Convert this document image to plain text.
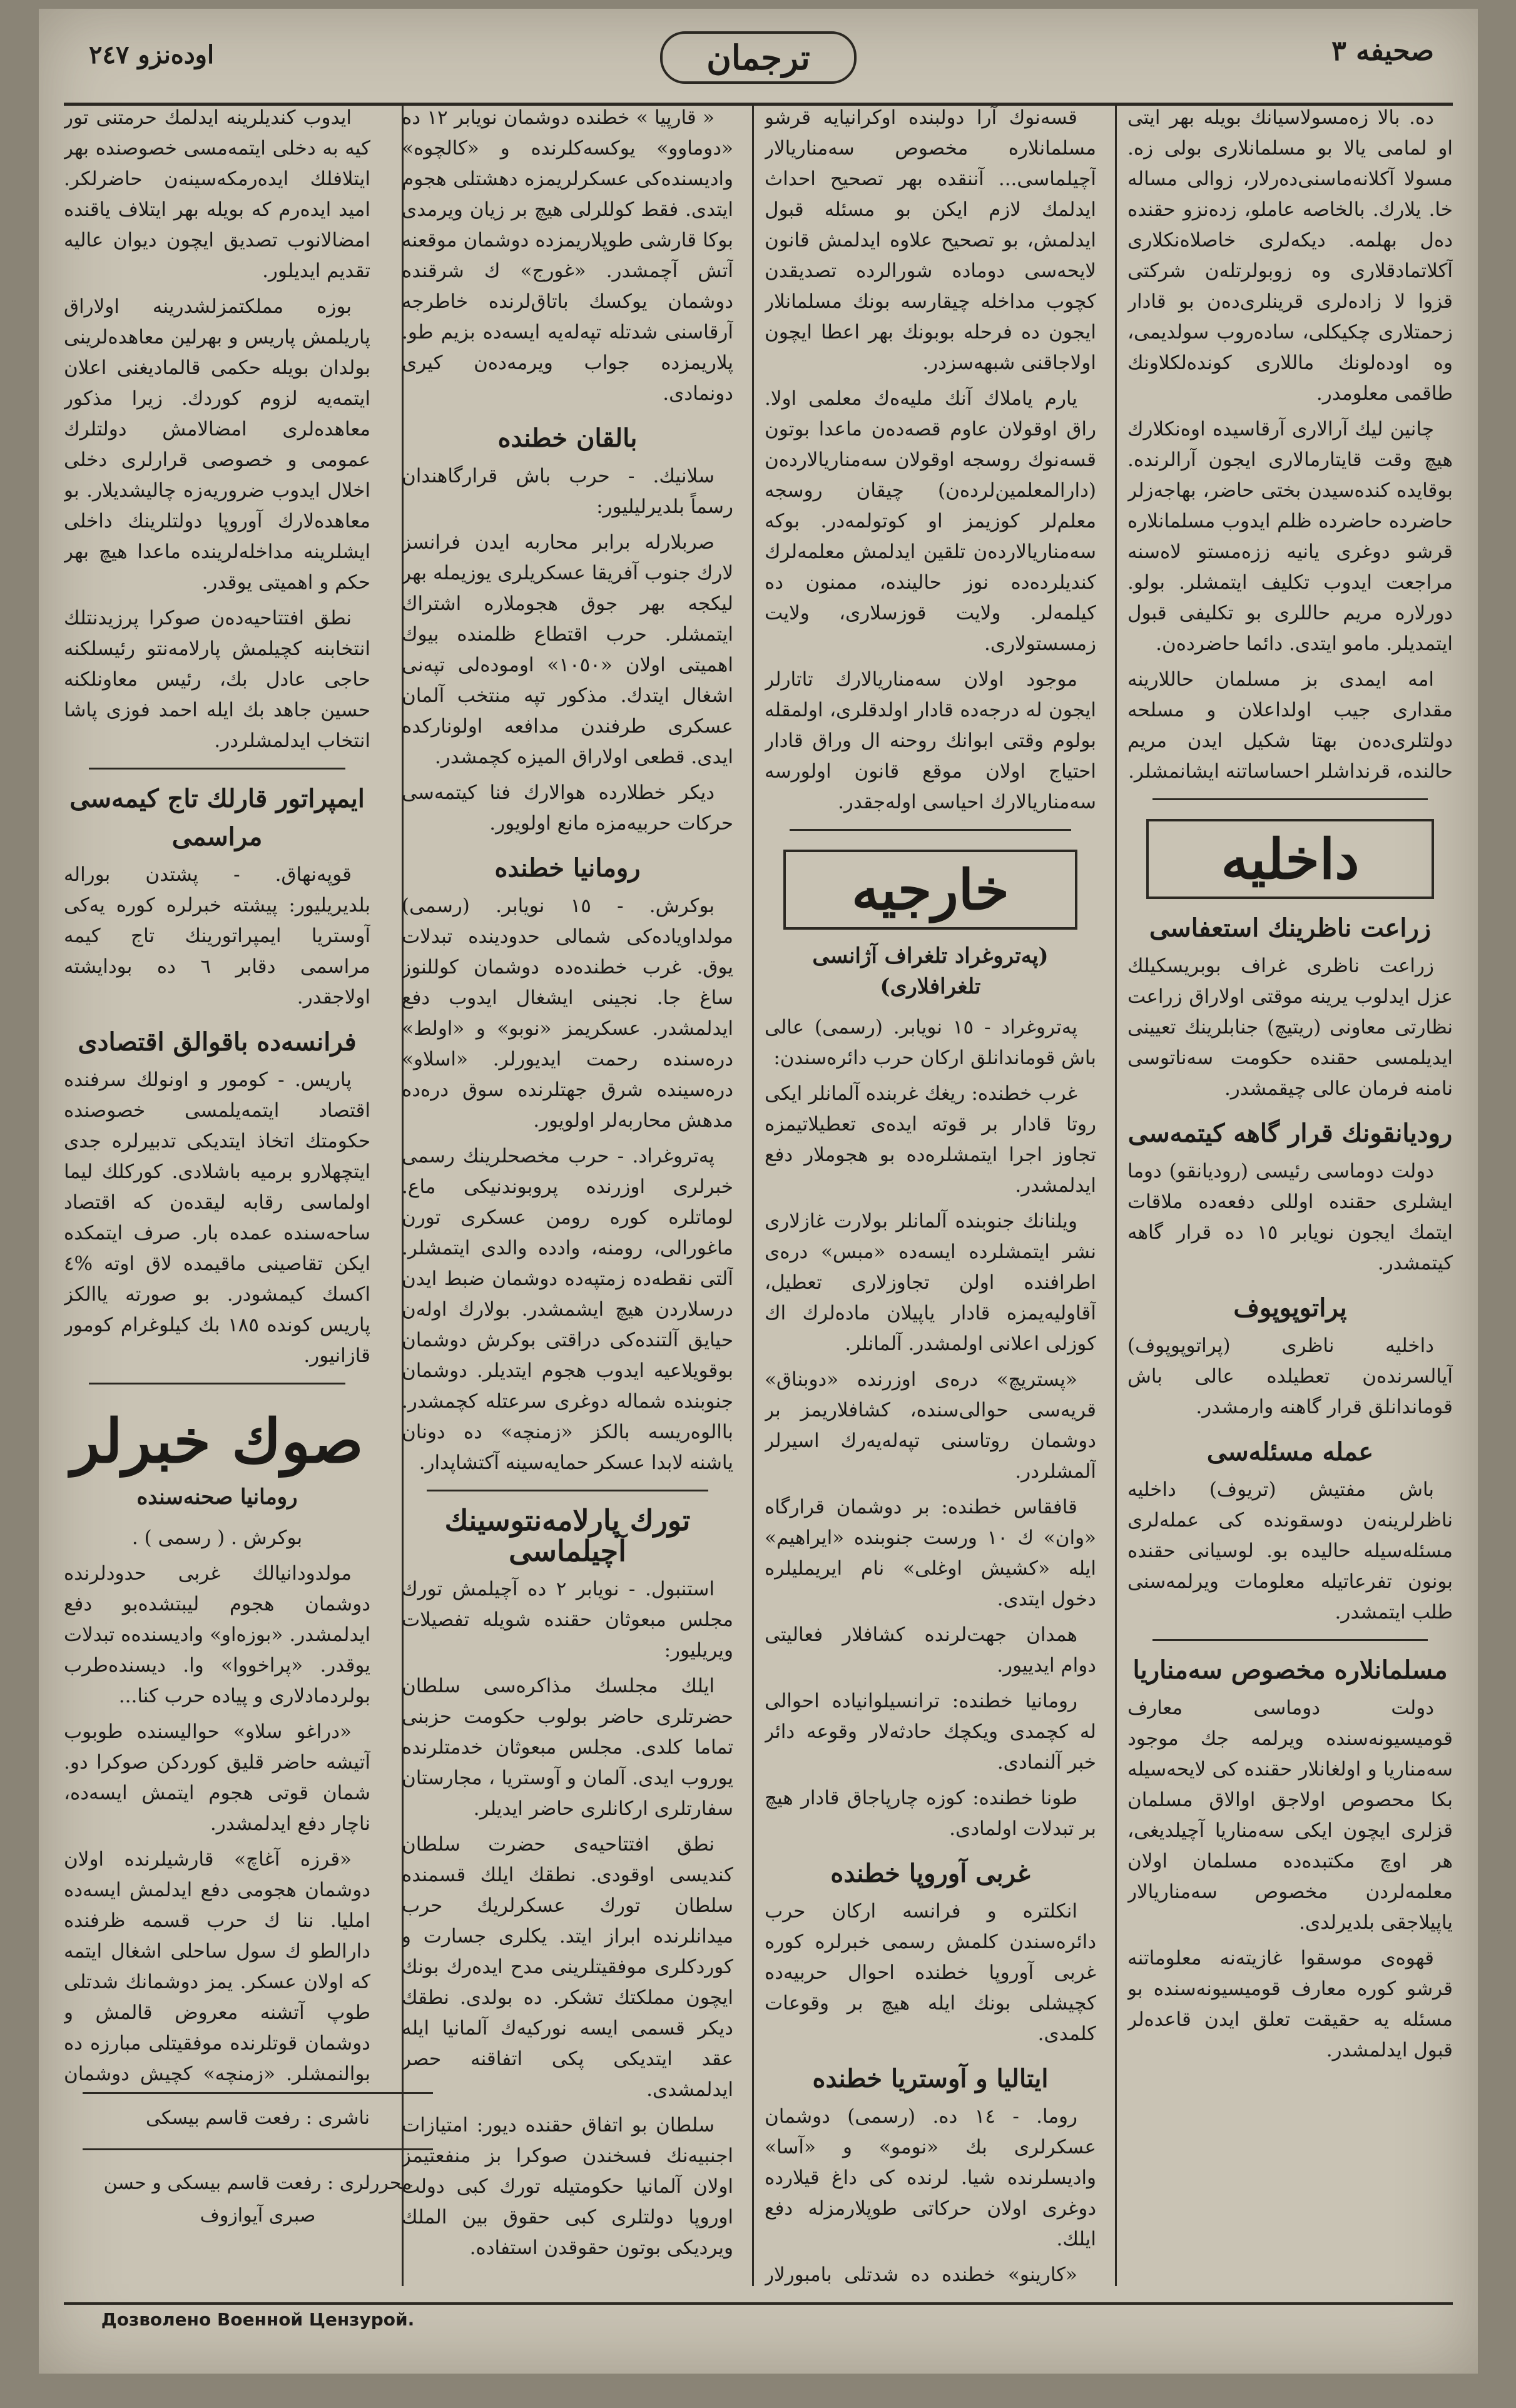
صحيفه ٣
ترجمان
اوده‌نزو ٢٤٧

ده. بالا زه‌مسولاسيانك بويله بهر ايتى او لمامى يالا بو مسلمانلارى بولى زه. مسولا آكلانه‌ماسنى‌ده‌رلار، زوالى مساله خا. يلارك. بالخاصه عاملو، زده‌نزو حقنده ده‌ل بهلمه. ديكه‌لرى خاصلاه‌نكلارى آكلاتمادقلارى وه زوبولرتله‌ن شركتى قزوا لا زاده‌لرى قرينلرى‌ده‌ن بو قادار زحمتلارى چكيكلى، ساده‌روب سولديمى، وه اوده‌لونك ماللارى كونده‌لكلاونك طاقمى معلومدر.

چانين ليك آرالارى آرقاسيده اوه‌نكلارك هيچ وقت قايتارمالارى ايجون آرالرنده. بوقايده كنده‌سيدن بختى حاضر، بهاجه‌زلر حاضرده حاضرده ظلم ايدوب مسلمانلاره قرشو دوغرى يانيه ززه‌مستو لاه‌سنه مراجعت ايدوب تكليف ايتمشلر. بولو. دورلاره مريم حاللرى بو تكليفى قبول ايتمديلر. مامو ايتدى. دائما حاضرده‌ن.

امه ايمدى بز مسلمان حاللارينه مقدارى جيب اولداعلان و مسلحه دولتلرى‌ده‌ن بهتا شكيل ايدن مريم حالنده، قرنداشلر احساساتنه ايشانمشلر.

داخليه
زراعت ناظرينك استعفاسى

زراعت ناظرى غراف بوبريسكيلك عزل ايدلوب يرينه موقتى اولاراق زراعت نظارتى معاونى (ريتيچ) جنابلرينك تعيينى ايديلمسى حقنده حكومت سه‌ناتوسى نامنه فرمان عالى چيقمشدر.

روديانقونك قرار گاهه كيتمه‌سى

دولت دوماسى رئيسى (روديانقو) دوما ايشلرى حقنده اوللى دفعه‌ده ملاقات ايتمك ايجون نويابر ١٥ ده قرار گاهه كيتمشدر.

پراتوپوپوف

داخليه ناظرى (پراتوپوپوف) آيالسرنده‌ن تعطيلده عالى باش قوماندانلق قرار گاهنه وارمشدر.

عمله مسئله‌سى

باش مفتيش (تريوف) داخليه ناظرلرينه‌ن دوسقونده كى عمله‌لرى مسئله‌سيله حاليده بو. لوسيانى حقنده بونون تفرعاتيله معلومات ويرلمه‌سنى طلب ايتمشدر.

مسلمانلاره مخصوص سه‌مناريا

دولت دوماسى معارف قوميسيونه‌سنده ويرلمه جك موجود سه‌مناريا و اولغانلار حقنده كى لايحه‌سيله بكا محصوص اولاجق اوالاق مسلمان قزلرى ايچون ايكى سه‌مناريا آچيلديغى، هر اوچ مكتبده‌ده مسلمان اولان معلمه‌لردن مخصوص سه‌مناريالار ياپيلاجقى بلديرلدى.

قهوه‌ى موسقوا غازيته‌نه معلوماتنه قرشو كوره معارف قوميسيونه‌سنده بو مسئله يه حقيقت تعلق ايدن قاعده‌لر قبول ايدلمشدر.

قسه‌نوك آرا دولبنده اوكرانيايه قرشو مسلمانلاره مخصوص سه‌مناريالار آچيلماسى... آننقده بهر تصحيح احداث ايدلمك لازم ايكن بو مسئله قبول ايدلمش، بو تصحيح علاوه ايدلمش قانون لايحه‌سى دوماده شورالرده تصديقدن كچوب مداخله چيقارسه بونك مسلمانلار ايجون ده فرحله بوبونك بهر اعطا ايچون اولاجاقنى شبهه‌سزدر.

يارم ياملاك آنك مليه‌ه‌ك معلمى اولا. راق اوقولان عاوم قصه‌ده‌ن ماعدا بوتون قسه‌نوك روسجه اوقولان سه‌مناريالارده‌ن (دارالمعلمين‌لرده‌ن) چيقان روسجه معلم‌لر كوزيمز او كوتولمه‌در. بوكه سه‌مناريالارده‌ن تلقين ايدلمش معلمه‌لرك كنديلرده‌ده نوز حالينده، ممنون ده كيلمه‌لر. ولايت قوزسلارى، ولايت زمسستولارى.

موجود اولان سه‌مناريالارك تاتارلر ايجون له درجه‌ده قادار اولدقلرى، اولمقله بولوم وقتى ابوانك روحنه ال وراق قادار احتياج اولان موقع قانون اولورسه سه‌مناريالارك احياسى اوله‌جقدر.

خارجيه
(په‌تروغراد تلغراف آژانسى تلغرافلارى)

په‌تروغراد - ١٥ نويابر. (رسمى) عالى باش قوماندانلق اركان حرب دائره‌سندن:

غرب خطنده: ريغك غربنده آلمانلر ايكى روتا قادار بر قوته ايده‌ى تعطيلاتيمزه تجاوز اجرا ايتمشلره‌ده بو هجوملار دفع ايدلمشدر.

ويلنانك جنوبنده آلمانلر بولارت غازلارى نشر ايتمشلرده ايسه‌ده «مبس» دره‌ى اطرافنده اولن تجاوزلارى تعطيل، آقاوليه‌يمزه قادار ياپيلان ماده‌لرك اك كوزلى اعلانى اولمشدر. آلمانلر.

«پستريچ» دره‌ى اوزرنده «دوبناق» قريه‌سى حوالى‌سنده، كشافلاريمز بر دوشمان روتاسنى تپه‌له‌يه‌رك اسيرلر آلمشلردر.

قافقاس خطنده: بر دوشمان قرارگاه «وان» ك ١٠ ورست جنوبنده «ايراهيم» ايله «كشيش اوغلى» نام ايريمليلره دخول ايتدى.

همدان جهت‌لرنده كشافلار فعاليتى دوام ايدييور.

رومانيا خطنده: ترانسيلوانياده احوالى له كچمدى ويكچك حادثه‌لار وقوعه دائر خبر آلنمادى.

طونا خطنده: كوزه چارپاجاق قادار هيچ بر تبدلات اولمادى.

غربى آوروپا خطنده

انكلتره و فرانسه اركان حرب دائره‌سندن كلمش رسمى خبرلره كوره غربى آوروپا خطنده احوال حربيه‌ده كچيشلى بونك ايله هيچ بر وقوعات كلمدى.

ايتاليا و آوستريا خطنده

روما. - ١٤ ده. (رسمى) دوشمان عسكرلرى بك «نومو» و «آسا» واديسلرنده شيا. لرنده كى داغ قيلارده دوغرى اولان حركاتى طوپلارمزله دفع ايلك.

«كارينو» خطنده ده شدتلى بامبورلار

« قارپيا » خطنده دوشمان نويابر ١٢ ده «دوماوو» يوكسه‌كلرنده و «كالچوه» واديسنده‌كى عسكرلريمزه دهشتلى هجوم ايتدى. فقط كوللرلى هيچ بر زيان ويرمدى بوكا قارشى طوپلاريمزده دوشمان موقعنه آتش آچمشدر. «غورج» ك شرقنده دوشمان يوكسك باتاق‌لرنده خاطرجه آرقاسنى شدتله تپه‌له‌يه ايسه‌ده بزيم طو. پلاريمزده جواب ويرمه‌ده‌ن كيرى دونمادى.

بالقان خطنده

سلانيك. - حرب باش قرارگاهندان رسماً بلديرليليور:

صربلارله برابر محاربه ايدن فرانسز لارك جنوب آفريقا عسكريلرى يوزيمله بهر ليكجه بهر جوق هجوملاره اشتراك ايتمشلر. حرب اقتطاع ظلمنده بيوك اهميتى اولان «١٠٥٠» اوموده‌لى تپه‌نى اشغال ايتدك. مذكور تپه منتخب آلمان عسكرى طرفندن مدافعه اولوناركده ايدى. قطعى اولاراق الميزه كچمشدر.

ديكر خطلارده هوالارك فنا كيتمه‌سى حركات حربيه‌مزه مانع اولويور.

رومانيا خطنده

بوكرش. - ١٥ نويابر. (رسمى) مولداوياده‌كى شمالى حدودينده تبدلات يوق. غرب خطنده‌ده دوشمان كوللنوز ساغ جا. نجينى ايشغال ايدوب دفع ايدلمشدر. عسكريمز «نوبو» و «اولط» دره‌سنده رحمت ايديورلر. «اسلاو» دره‌سينده شرق جهتلرنده سوق دره‌ده مدهش محاربه‌لر اولويور.

په‌تروغراد. - حرب مخصحلرينك رسمى خبرلرى اوزرنده پروبوندنيكى ماع. لوماتلره كوره رومن عسكرى تورن ماغورالى، رومنه، وادده والدى ايتمشلر. آلتى نقطه‌ده زمتپه‌ده دوشمان ضبط ايدن درسلاردن هيچ ايشمشدر. بولارك اوله‌ن حيايق آلتنده‌كى دراقتى بوكرش دوشمان بوقويلاعيه ايدوب هجوم ايتديلر. دوشمان جنوبنده شماله دوغرى سرعتله كچمشدر. باالوه‌ريسه بالكز «زمنچه» ده دونان ياشنه لابدا عسكر حمايه‌سينه آكتشاپدار.

تورك پارلامه‌نتوسينك آچيلماسى

استنبول. - نويابر ٢ ده آچيلمش تورك مجلس مبعوثان حقنده شويله تفصيلات ويريليور:

ايلك مجلسك مذاكره‌سى سلطان حضرتلرى حاضر بولوب حكومت حزبنى تماما كلدى. مجلس مبعوثان خدمتلرنده يوروب ايدى. آلمان و آوستريا ، مجارستان سفارتلرى اركانلرى حاضر ايديلر.

نطق افتتاحيه‌ى حضرت سلطان كنديسى اوقودى. نطقك ايلك قسمنده سلطان تورك عسكرلريك حرب ميدانلرنده ابراز ايتد. يكلرى جسارت و كوردكلرى موفقيتلرينى مدح ايده‌رك بونك ايچون مملكتك تشكر. ده بولدى. نطقك ديكر قسمى ايسه نوركيه‌ك آلمانيا ايله عقد ايتديكى پكى اتفاقنه حصر ايدلمشدى.

سلطان بو اتفاق حقنده ديور: امتيازات اجنبيه‌نك فسخندن صوكرا بز منفعتيمز اولان آلمانيا حكومتيله تورك كبى دولت اوروپا دولتلرى كبى حقوق بين الملك ويرديكى بوتون حقوقدن استفاده.

ايدوب كنديلرينه ايدلمك حرمتنى تور كيه به دخلى ايتمه‌مسى خصوصنده بهر ايتلافلك ايده‌رمكه‌سينه‌ن حاضرلكر. اميد ايده‌رم كه بويله بهر ايتلاف ياقنده امضالانوب تصديق ايچون ديوان عاليه تقديم ايديلور.

بوزه مملكتمزلشدرينه اولاراق پاريلمش پاريس و بهرلين معاهده‌لرينى بولدان بويله حكمى قالماديغنى اعلان ايتمه‌يه لزوم كوردك. زيرا مذكور معاهده‌لرى امضالامش دولتلرك عمومى و خصوصى قرارلرى دخلى اخلال ايدوب ضروريه‌زه چاليشديلار. بو معاهده‌لارك آوروپا دولتلرينك داخلى ايشلرينه مداخله‌لرينده ماعدا هيچ بهر حكم و اهميتى يوقدر.

نطق افتتاحيه‌ده‌ن صوكرا پرزيدنتلك انتخابنه كچيلمش پارلامه‌نتو رئيسلكنه حاجى عادل بك، رئيس معاونلكنه حسين جاهد بك ايله احمد فوزى پاشا انتخاب ايدلمشلردر.

ايمپراتور قارلك تاج كيمه‌سى
مراسمى

قوپه‌نهاق. - پشتدن بوراله بلديريليور: پيشته خبرلره كوره يه‌كى آوستريا ايمپراتورينك تاج كيمه مراسمى دقابر ٦ ده بودايشته اولاجقدر.

فرانسه‌ده باقوالق اقتصادى

پاريس. - كومور و اونولك سرفنده اقتصاد ايتمه‌يلمسى خصوصنده حكومتك اتخاذ ايتديكى تدبيرلره جدى ايتچهلارو برميه باشلادى. كوركلك ليما اولماسى رقابه ليقده‌ن كه اقتصاد ساحه‌سنده عمده بار. صرف ايتمكده ايكن تقاصينى ماقيمده لاق اوته %٤ اكسك كيمشودر. بو صورته ياالكز پاريس كونده ١٨٥ بك كيلوغرام كومور قازانيور.

صوك خبرلر
رومانيا صحنه‌سنده

بوكرش . ( رسمى ) .

مولدودانيالك غربى حدودلرنده دوشمان هجوم ليبتشده‌بو دفع ايدلمشدر. «بوزه‌او» واديسنده‌ه تبدلات يوقدر. «پراخووا» و‌ا. ديسنده‌طرب بولردمادلارى و پياده حرب كنا...

«دراغو سلاو» حواليسنده طوبوب آتيشه حاضر قليق كوردكن صوكرا دو. شمان قوتى هجوم ايتمش ايسه‌ده، ناچار دفع ايدلمشدر.

«قرزه آغاچ» قارشيلرنده اولان دوشمان هجومى دفع ايدلمش ايسه‌ده امليا. ننا ك حرب قسمه ظرفنده دارالطو ك سول ساحلى اشغال ايتمه كه اولان عسكر. يمز دوشمانك شدتلى طوپ آتشنه معروض قالمش و دوشمان قوتلرنده موفقيتلى مبارزه ده بوالنمشلر. «زمنچه» كچيش دوشمان

ناشرى : رفعت قاسم بيسكى
محررلرى : رفعت قاسم بيسكى و حسن صبرى آيوازوف
Дозволено Военной Цензурой.
